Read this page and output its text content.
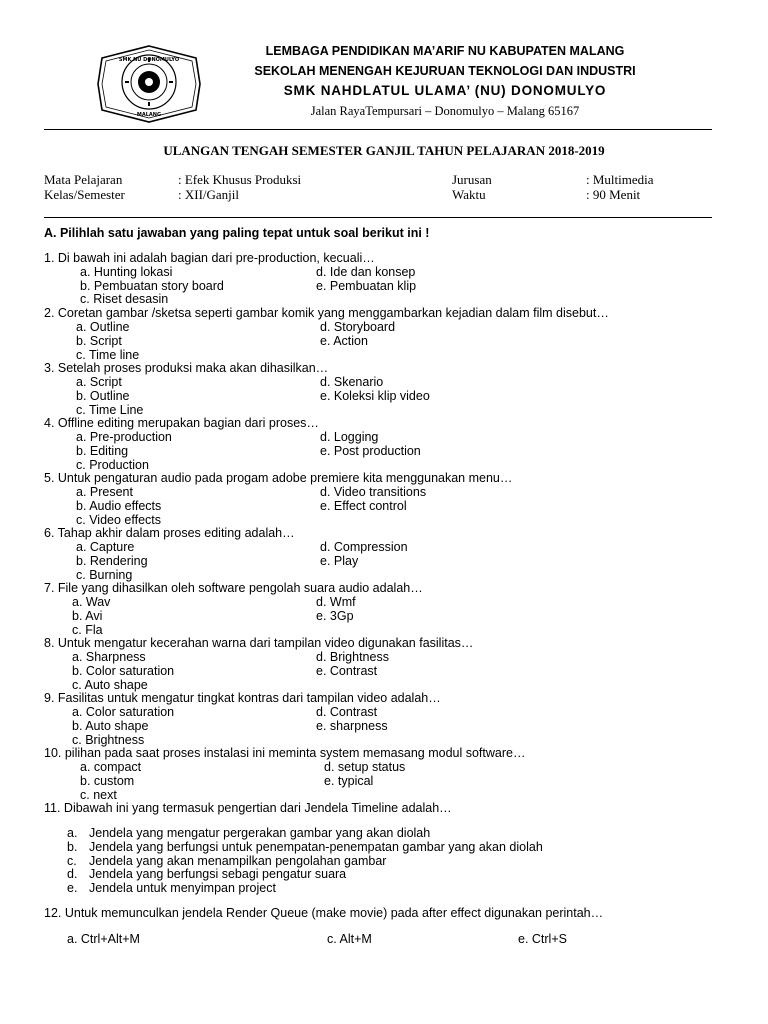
SMK NU DONOMULYO
MALANG
LEMBAGA PENDIDIKAN MA’ARIF NU KABUPATEN MALANG
SEKOLAH MENENGAH KEJURUAN TEKNOLOGI DAN INDUSTRI
SMK NAHDLATUL ULAMA’ (NU) DONOMULYO
Jalan RayaTempursari – Donomulyo – Malang 65167
ULANGAN TENGAH SEMESTER GANJIL TAHUN PELAJARAN 2018-2019
Mata Pelajaran	: Efek Khusus Produksi	Jurusan	: Multimedia
Kelas/Semester	: XII/Ganjil	Waktu	: 90 Menit
A. Pilihlah satu jawaban yang paling tepat untuk soal berikut ini !
1. Di bawah ini adalah bagian dari pre-production, kecuali…
a. Hunting lokasi
b. Pembuatan story board
c. Riset desasin
d. Ide dan konsep
e. Pembuatan klip
2. Coretan gambar /sketsa seperti gambar komik yang menggambarkan kejadian dalam film disebut…
a. Outline
b. Script
c. Time line
d. Storyboard
e. Action
3. Setelah proses produksi maka akan dihasilkan…
a. Script
b. Outline
c. Time Line
d. Skenario
e. Koleksi klip video
4. Offline editing merupakan bagian dari proses…
a. Pre-production
b. Editing
c. Production
d. Logging
e. Post production
5. Untuk pengaturan audio pada progam adobe premiere kita menggunakan menu…
a. Present
b. Audio effects
c. Video effects
d. Video transitions
e. Effect control
6. Tahap akhir dalam proses editing adalah…
a. Capture
b. Rendering
c. Burning
d. Compression
e. Play
7. File yang dihasilkan oleh software pengolah suara audio adalah…
a. Wav
b. Avi
c. Fla
d. Wmf
e. 3Gp
8. Untuk mengatur kecerahan warna dari tampilan video digunakan fasilitas…
a. Sharpness
b. Color saturation
c. Auto shape
d. Brightness
e. Contrast
9. Fasilitas untuk mengatur tingkat kontras dari tampilan video adalah…
a. Color saturation
b. Auto shape
c. Brightness
d. Contrast
e. sharpness
10. pilihan pada saat proses instalasi ini meminta system memasang modul software…
a. compact
b. custom
c. next
d. setup status
e. typical
11. Dibawah ini yang termasuk pengertian dari Jendela Timeline adalah…
a. Jendela yang mengatur pergerakan gambar yang akan diolah
b. Jendela yang berfungsi untuk penempatan-penempatan gambar yang akan diolah
c. Jendela yang akan menampilkan pengolahan gambar
d. Jendela yang berfungsi sebagi pengatur suara
e. Jendela untuk menyimpan project
12. Untuk memunculkan jendela Render Queue (make movie) pada after effect digunakan perintah…
a. Ctrl+Alt+M	c. Alt+M	e. Ctrl+S
